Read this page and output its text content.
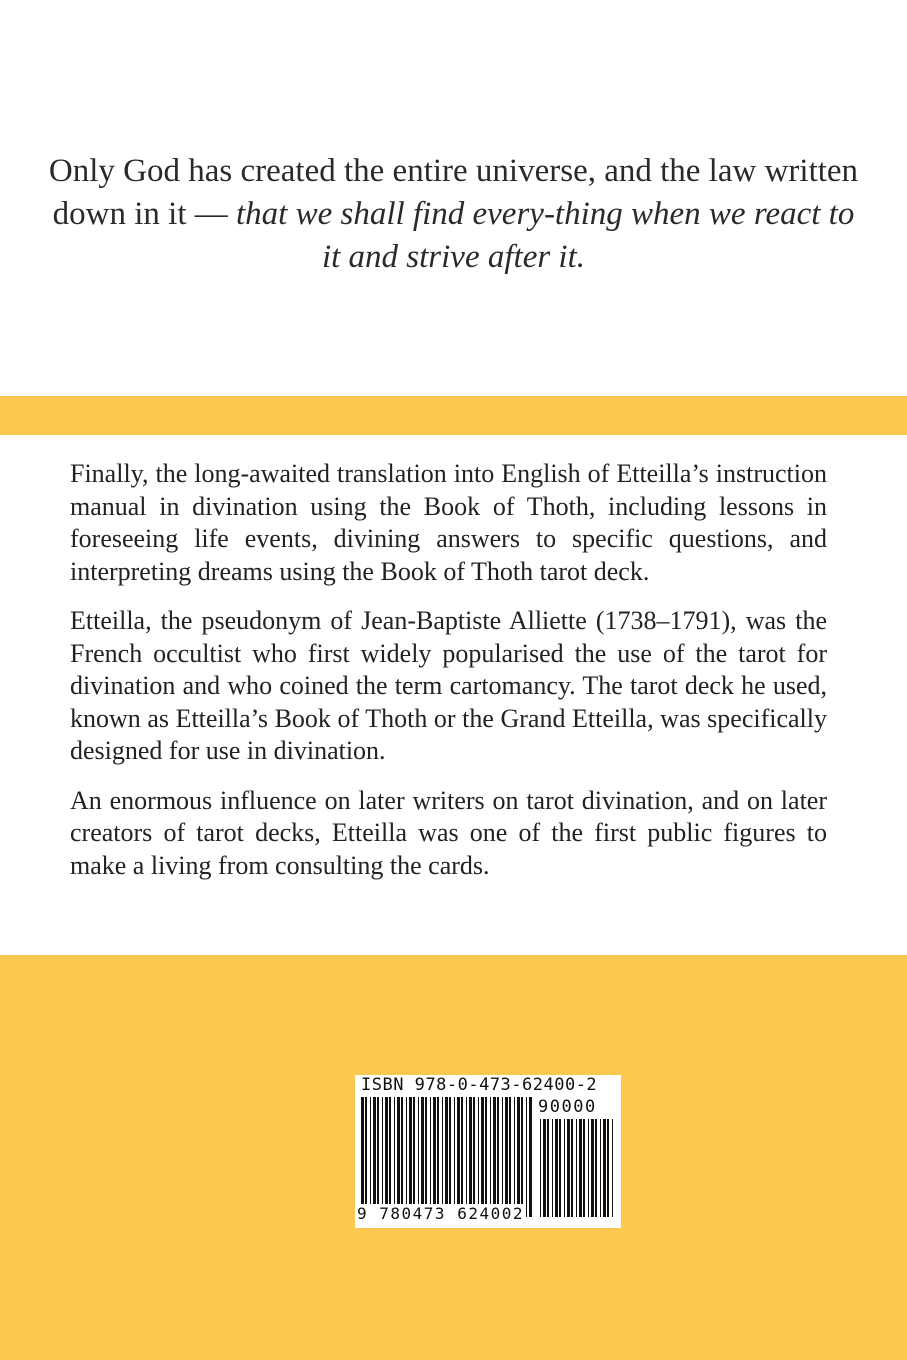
Only God has created the entire universe, and the law written down in it — that we shall find every-thing when we react to it and strive after it.

Finally, the long-awaited translation into English of Etteilla’s instruction manual in divination using the Book of Thoth, including lessons in foreseeing life events, divining answers to specific questions, and interpreting dreams using the Book of Thoth tarot deck.

Etteilla, the pseudonym of Jean-Baptiste Alliette (1738–1791), was the French occultist who first widely popularised the use of the tarot for divination and who coined the term cartomancy. The tarot deck he used, known as Etteilla’s Book of Thoth or the Grand Etteilla, was specifically designed for use in divination.

An enormous influence on later writers on tarot divination, and on later creators of tarot decks, Etteilla was one of the first public figures to make a living from consulting the cards.

ISBN 978-0-473-62400-2
90000
9 780473 624002
